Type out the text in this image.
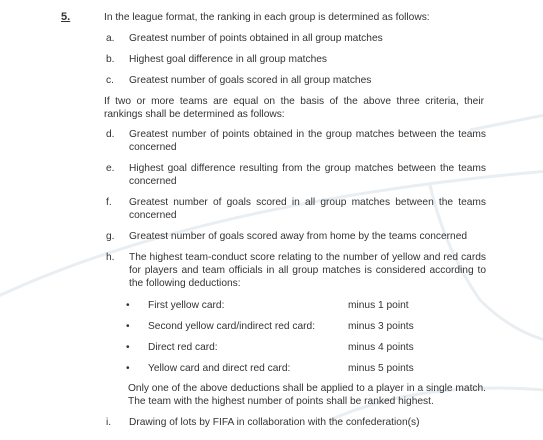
5.	In the league format, the ranking in each group is determined as follows:
a.	Greatest number of points obtained in all group matches
b.	Highest goal difference in all group matches
c.	Greatest number of goals scored in all group matches
If two or more teams are equal on the basis of the above three criteria, their rankings shall be determined as follows:
d.	Greatest number of points obtained in the group matches between the teams concerned
e.	Highest goal difference resulting from the group matches between the teams concerned
f.	Greatest number of goals scored in all group matches between the teams concerned
g.	Greatest number of goals scored away from home by the teams concerned
h.	The highest team-conduct score relating to the number of yellow and red cards for players and team officials in all group matches is considered according to the following deductions:
• First yellow card:	minus 1 point
• Second yellow card/indirect red card:	minus 3 points
• Direct red card:	minus 4 points
• Yellow card and direct red card:	minus 5 points
Only one of the above deductions shall be applied to a player in a single match. The team with the highest number of points shall be ranked highest.
i.	Drawing of lots by FIFA in collaboration with the confederation(s)
